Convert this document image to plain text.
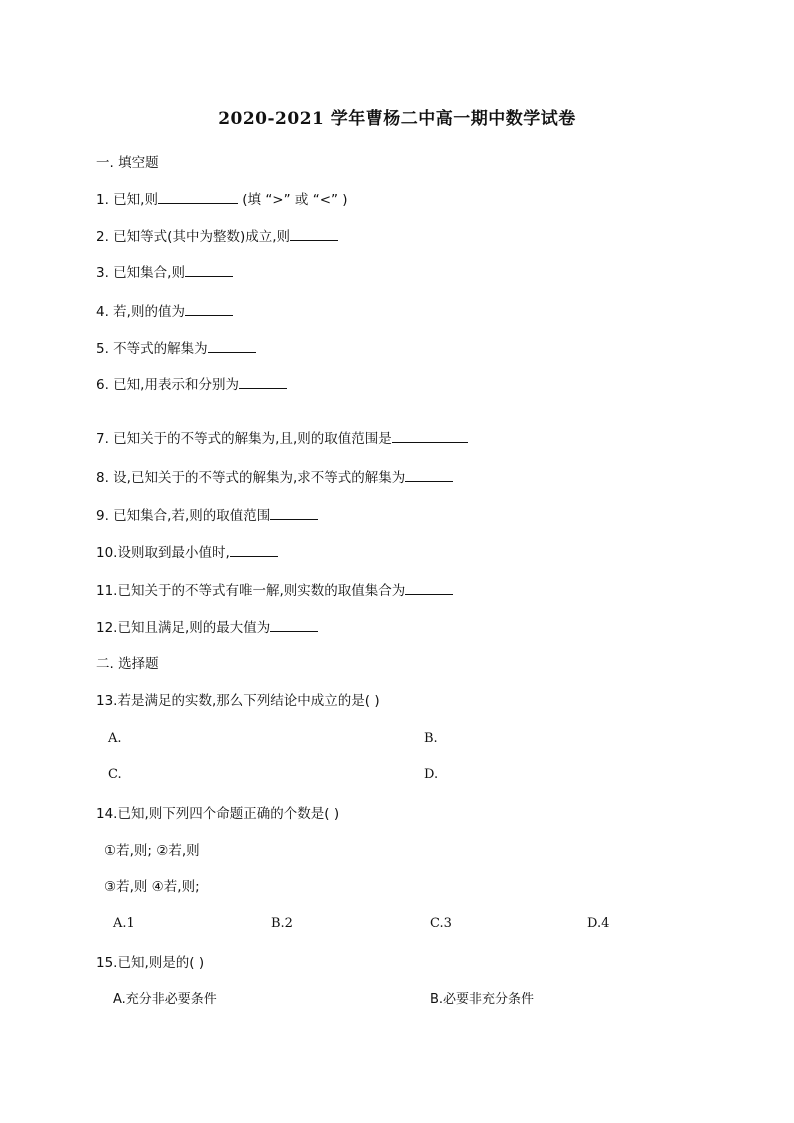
2020-2021 学年曹杨二中高一期中数学试卷
一. 填空题
1. 已知,则	(填 “>” 或 “<” )
2. 已知等式(其中为整数)成立,则
3. 已知集合,则
4. 若,则的值为
5. 不等式的解集为
6. 已知,用表示和分别为
7. 已知关于的不等式的解集为,且,则的取值范围是
8. 设,已知关于的不等式的解集为,求不等式的解集为
9. 已知集合,若,则的取值范围
10.设则取到最小值时,
11.已知关于的不等式有唯一解,则实数的取值集合为
12.已知且满足,则的最大值为
二. 选择题
13.若是满足的实数,那么下列结论中成立的是( )
A.	B.
C.	D.
14.已知,则下列四个命题正确的个数是( )
①若,则; ②若,则
③若,则 ④若,则;
A.1	B.2	C.3	D.4
15.已知,则是的( )
A.充分非必要条件	B.必要非充分条件
